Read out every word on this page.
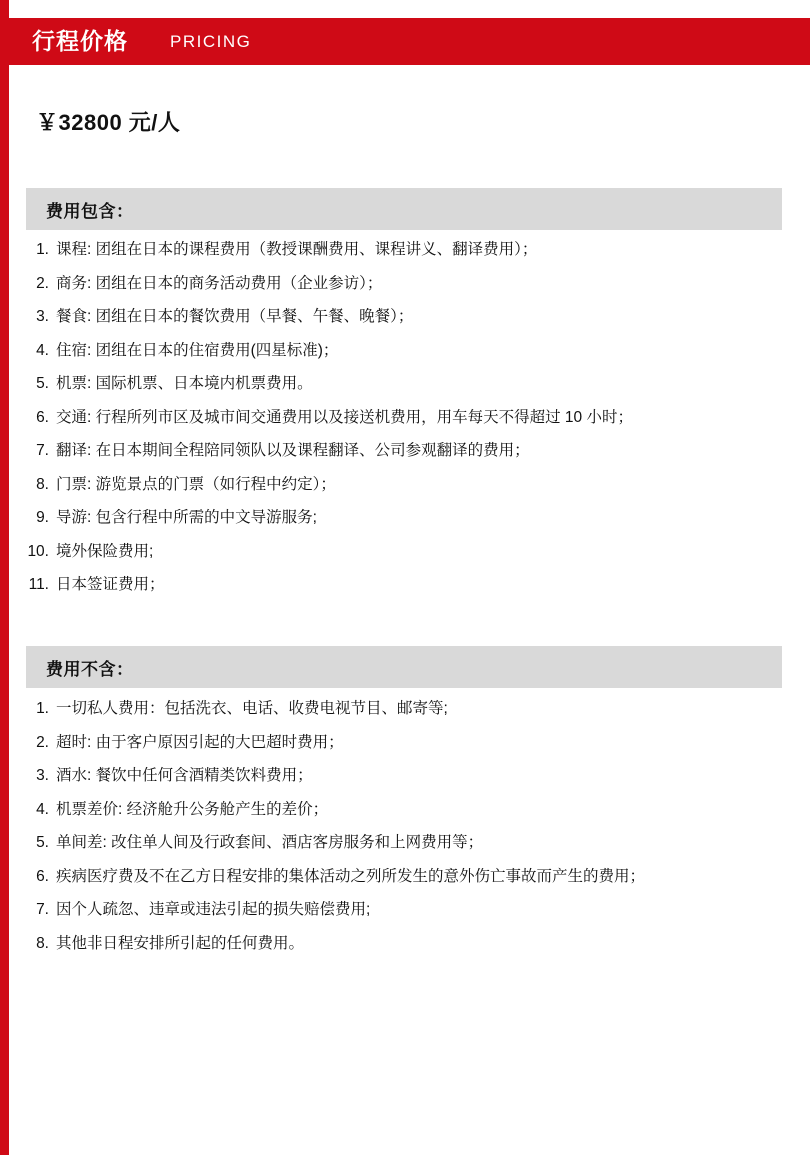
行程价格 PRICING
￥32800 元/人
费用包含：
1. 课程: 团组在日本的课程费用（教授课酬费用、课程讲义、翻译费用）；
2. 商务: 团组在日本的商务活动费用（企业参访）；
3. 餐食: 团组在日本的餐饮费用（早餐、午餐、晚餐）；
4. 住宿: 团组在日本的住宿费用(四星标准)；
5. 机票: 国际机票、日本境内机票费用。
6. 交通: 行程所列市区及城市间交通费用以及接送机费用，用车每天不得超过 10 小时；
7. 翻译: 在日本期间全程陪同领队以及课程翻译、公司参观翻译的费用；
8. 门票: 游览景点的门票（如行程中约定）；
9. 导游: 包含行程中所需的中文导游服务;
10. 境外保险费用;
11. 日本签证费用；
费用不含：
1. 一切私人费用：包括洗衣、电话、收费电视节目、邮寄等;
2. 超时: 由于客户原因引起的大巴超时费用；
3. 酒水: 餐饮中任何含酒精类饮料费用；
4. 机票差价: 经济舱升公务舱产生的差价；
5. 单间差: 改住单人间及行政套间、酒店客房服务和上网费用等；
6. 疾病医疗费及不在乙方日程安排的集体活动之列所发生的意外伤亡事故而产生的费用；
7. 因个人疏忽、违章或违法引起的损失赔偿费用;
8. 其他非日程安排所引起的任何费用。
